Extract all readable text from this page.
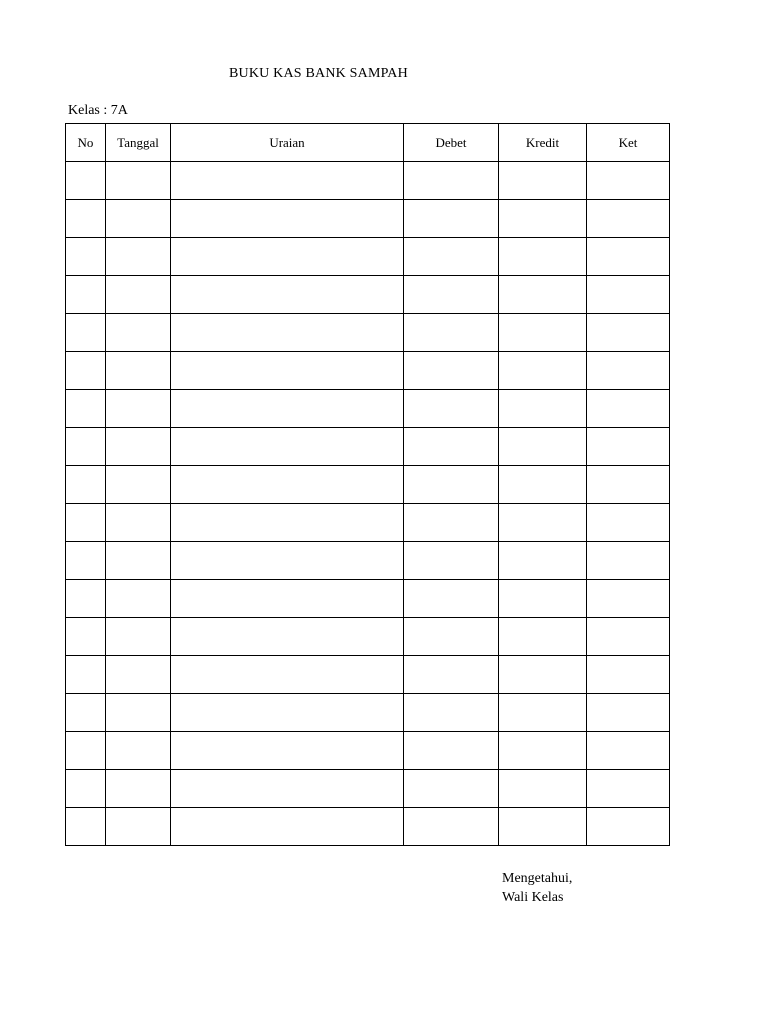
BUKU KAS BANK SAMPAH
Kelas : 7A
No	Tanggal	Uraian	Debet	Kredit	Ket

Mengetahui,
Wali Kelas
